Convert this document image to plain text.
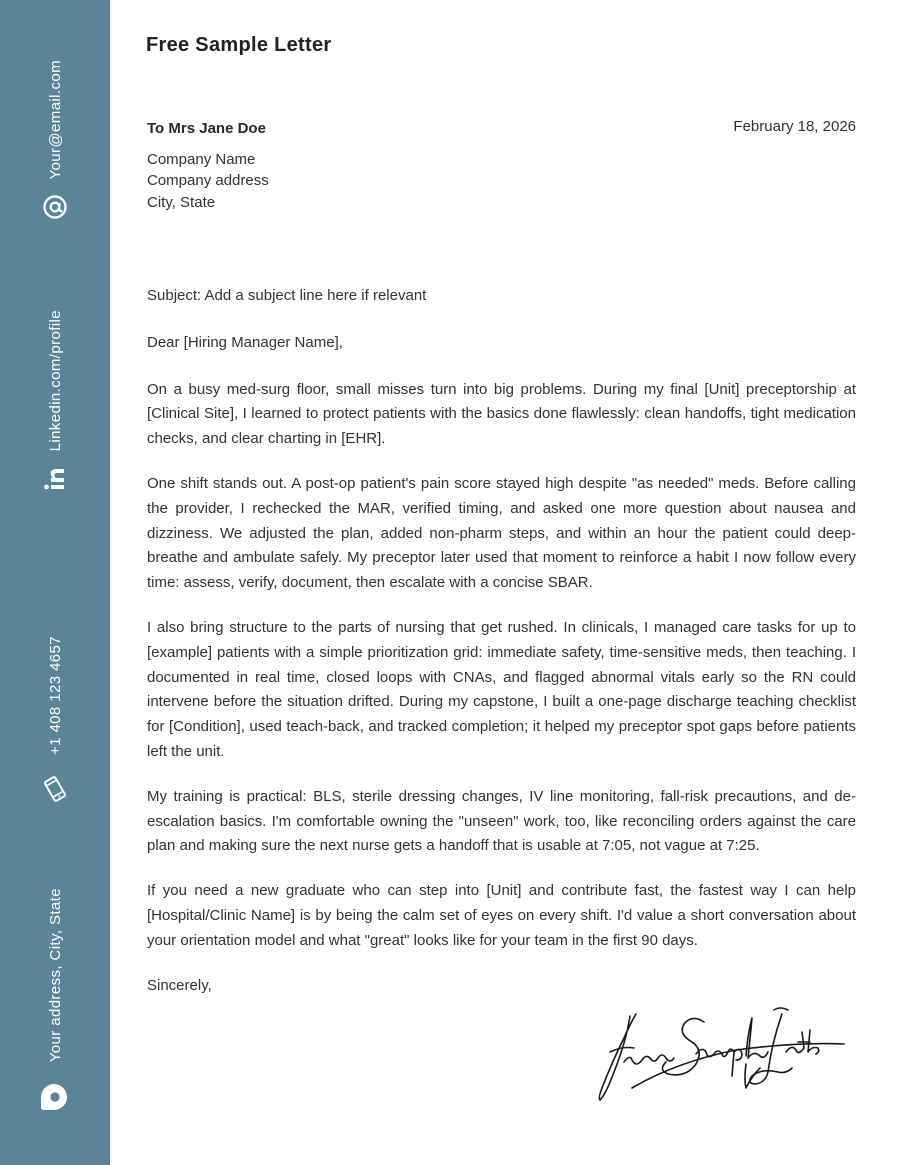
Your@email.com
Linkedin.com/profile
+1 408 123 4657
Your address, City, State
Free Sample Letter
To Mrs Jane Doe
Company Name
Company address
City, State
February 18, 2026

Subject: Add a subject line here if relevant

Dear [Hiring Manager Name],

On a busy med-surg floor, small misses turn into big problems. During my final [Unit] preceptorship at [Clinical Site], I learned to protect patients with the basics done flawlessly: clean handoffs, tight medication checks, and clear charting in [EHR].

One shift stands out. A post-op patient's pain score stayed high despite "as needed" meds. Before calling the provider, I rechecked the MAR, verified timing, and asked one more question about nausea and dizziness. We adjusted the plan, added non-pharm steps, and within an hour the patient could deep-breathe and ambulate safely. My preceptor later used that moment to reinforce a habit I now follow every time: assess, verify, document, then escalate with a concise SBAR.

I also bring structure to the parts of nursing that get rushed. In clinicals, I managed care tasks for up to [example] patients with a simple prioritization grid: immediate safety, time-sensitive meds, then teaching. I documented in real time, closed loops with CNAs, and flagged abnormal vitals early so the RN could intervene before the situation drifted. During my capstone, I built a one-page discharge teaching checklist for [Condition], used teach-back, and tracked completion; it helped my preceptor spot gaps before patients left the unit.

My training is practical: BLS, sterile dressing changes, IV line monitoring, fall-risk precautions, and de-escalation basics. I'm comfortable owning the "unseen" work, too, like reconciling orders against the care plan and making sure the next nurse gets a handoff that is usable at 7:05, not vague at 7:25.

If you need a new graduate who can step into [Unit] and contribute fast, the fastest way I can help [Hospital/Clinic Name] is by being the calm set of eyes on every shift. I'd value a short conversation about your orientation model and what "great" looks like for your team in the first 90 days.

Sincerely,
